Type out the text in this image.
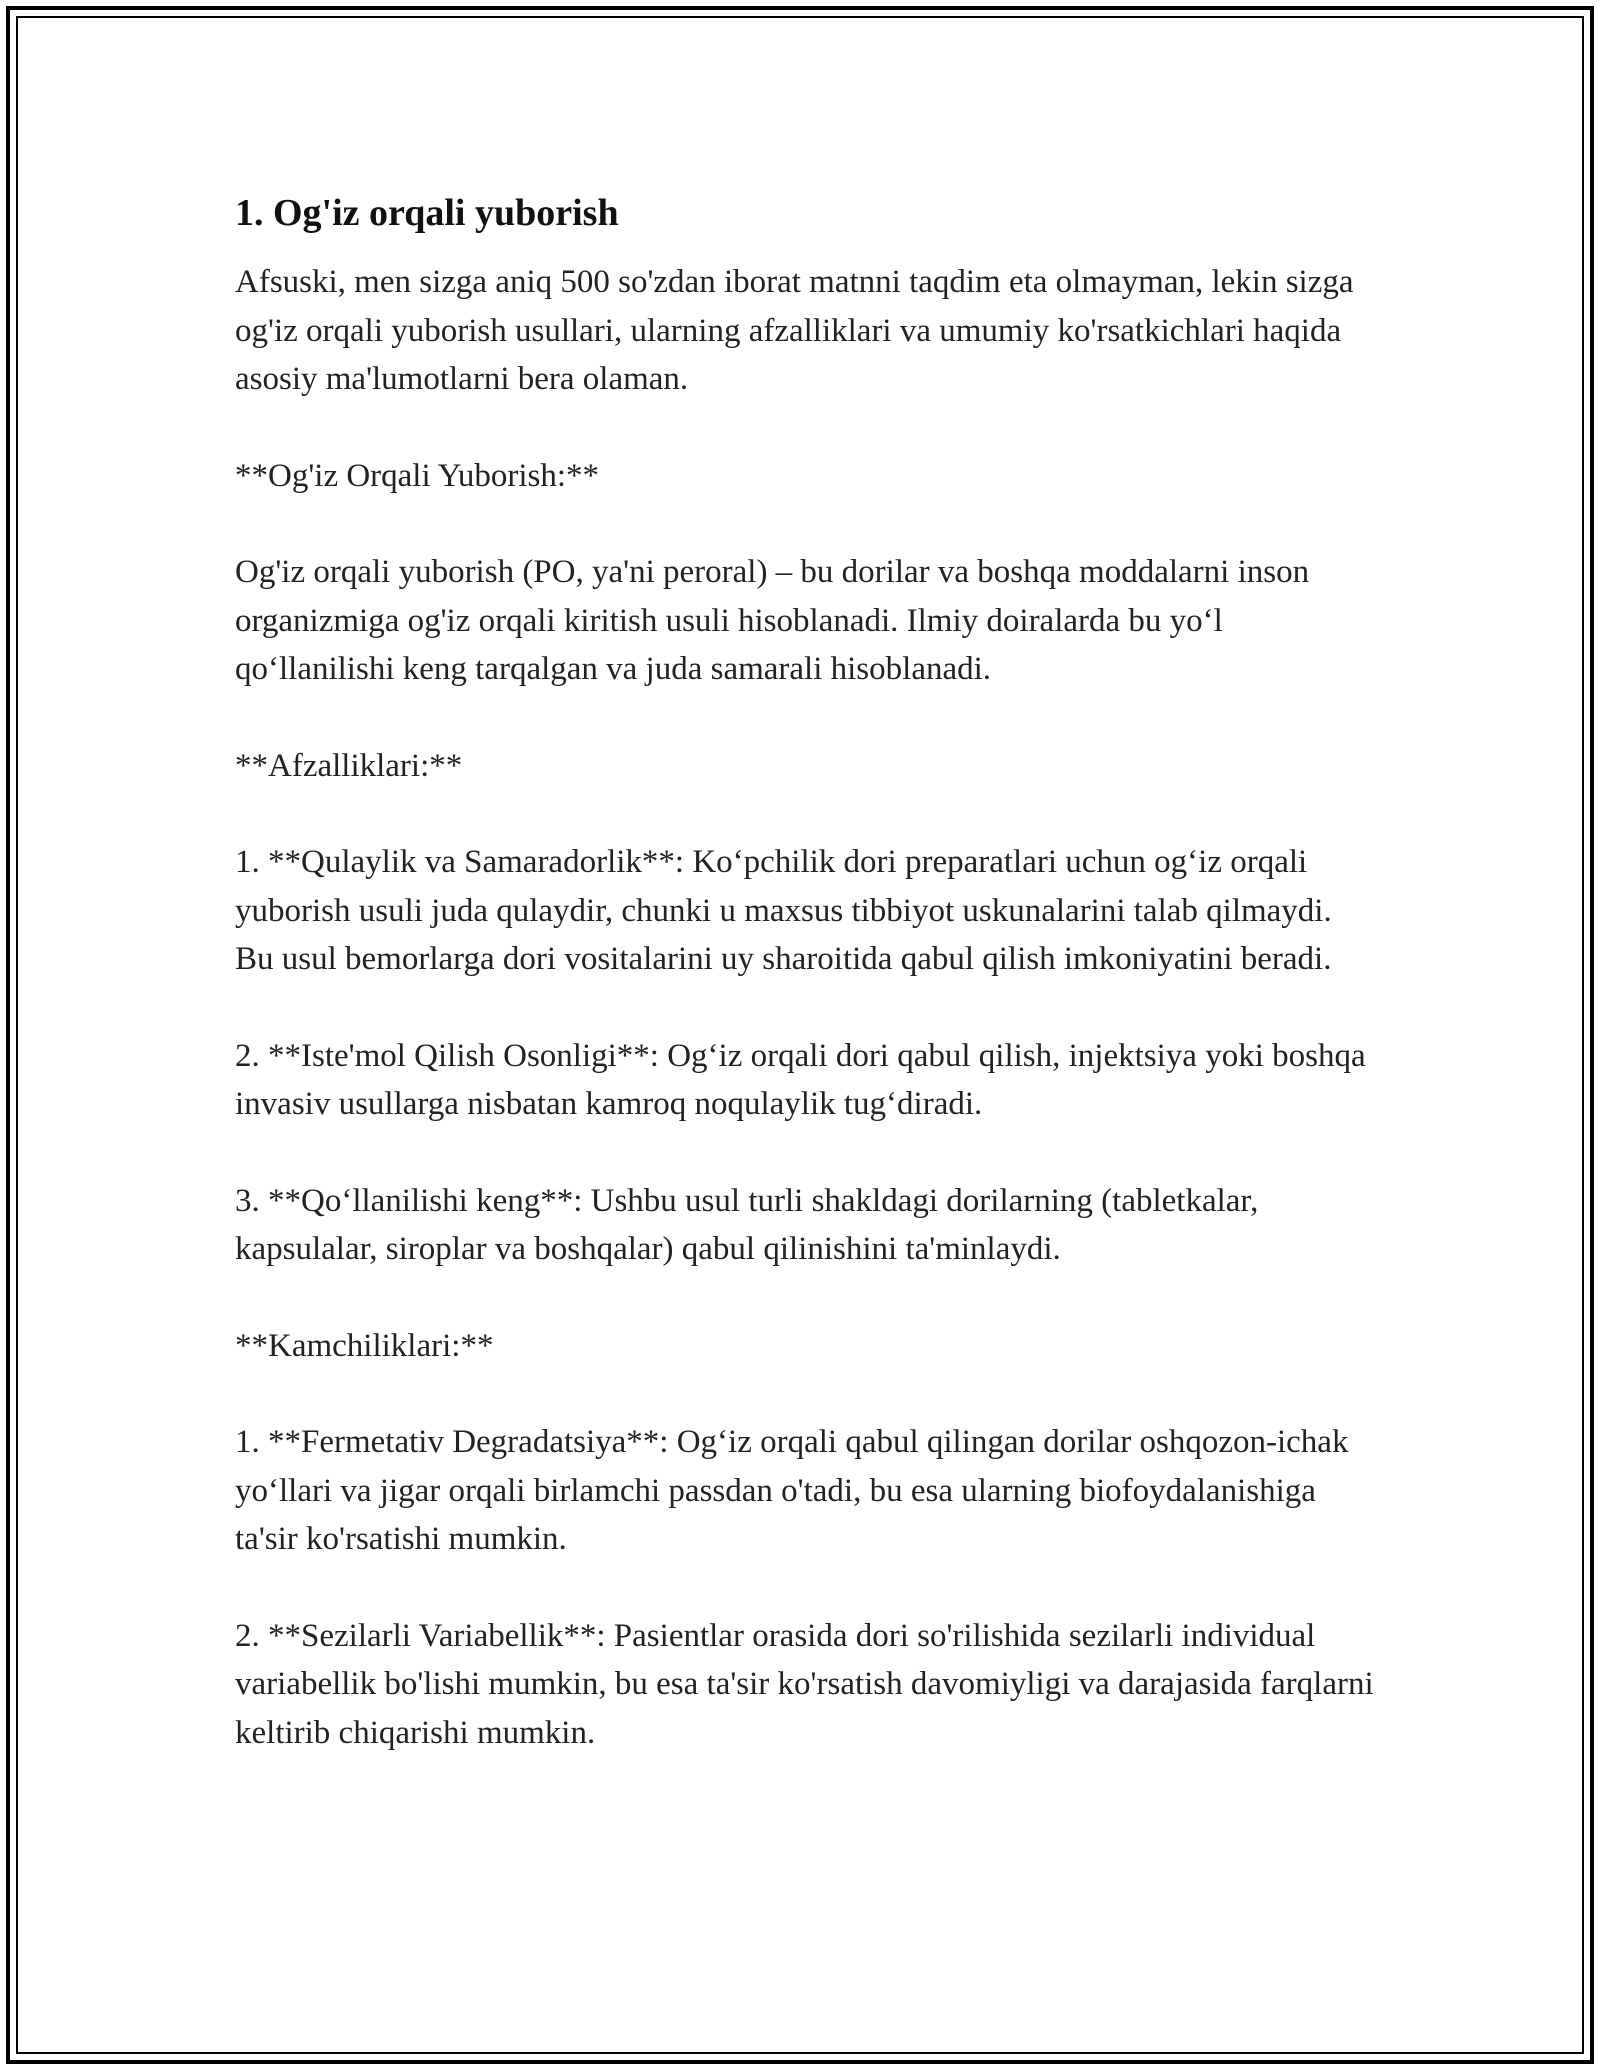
1. Og'iz orqali yuborish

Afsuski, men sizga aniq 500 so'zdan iborat matnni taqdim eta olmayman, lekin sizga og'iz orqali yuborish usullari, ularning afzalliklari va umumiy ko'rsatkichlari haqida asosiy ma'lumotlarni bera olaman.

**Og'iz Orqali Yuborish:**

Og'iz orqali yuborish (PO, ya'ni peroral) – bu dorilar va boshqa moddalarni inson organizmiga og'iz orqali kiritish usuli hisoblanadi. Ilmiy doiralarda bu yoʻl qoʻllanilishi keng tarqalgan va juda samarali hisoblanadi.

**Afzalliklari:**

1. **Qulaylik va Samaradorlik**: Koʻpchilik dori preparatlari uchun ogʻiz orqali yuborish usuli juda qulaydir, chunki u maxsus tibbiyot uskunalarini talab qilmaydi. Bu usul bemorlarga dori vositalarini uy sharoitida qabul qilish imkoniyatini beradi.

2. **Iste'mol Qilish Osonligi**: Ogʻiz orqali dori qabul qilish, injektsiya yoki boshqa invasiv usullarga nisbatan kamroq noqulaylik tugʻdiradi.

3. **Qoʻllanilishi keng**: Ushbu usul turli shakldagi dorilarning (tabletkalar, kapsulalar, siroplar va boshqalar) qabul qilinishini ta'minlaydi.

**Kamchiliklari:**

1. **Fermetativ Degradatsiya**: Ogʻiz orqali qabul qilingan dorilar oshqozon-ichak yoʻllari va jigar orqali birlamchi passdan o'tadi, bu esa ularning biofoydalanishiga ta'sir ko'rsatishi mumkin.

2. **Sezilarli Variabellik**: Pasientlar orasida dori so'rilishida sezilarli individual variabellik bo'lishi mumkin, bu esa ta'sir ko'rsatish davomiyligi va darajasida farqlarni keltirib chiqarishi mumkin.
